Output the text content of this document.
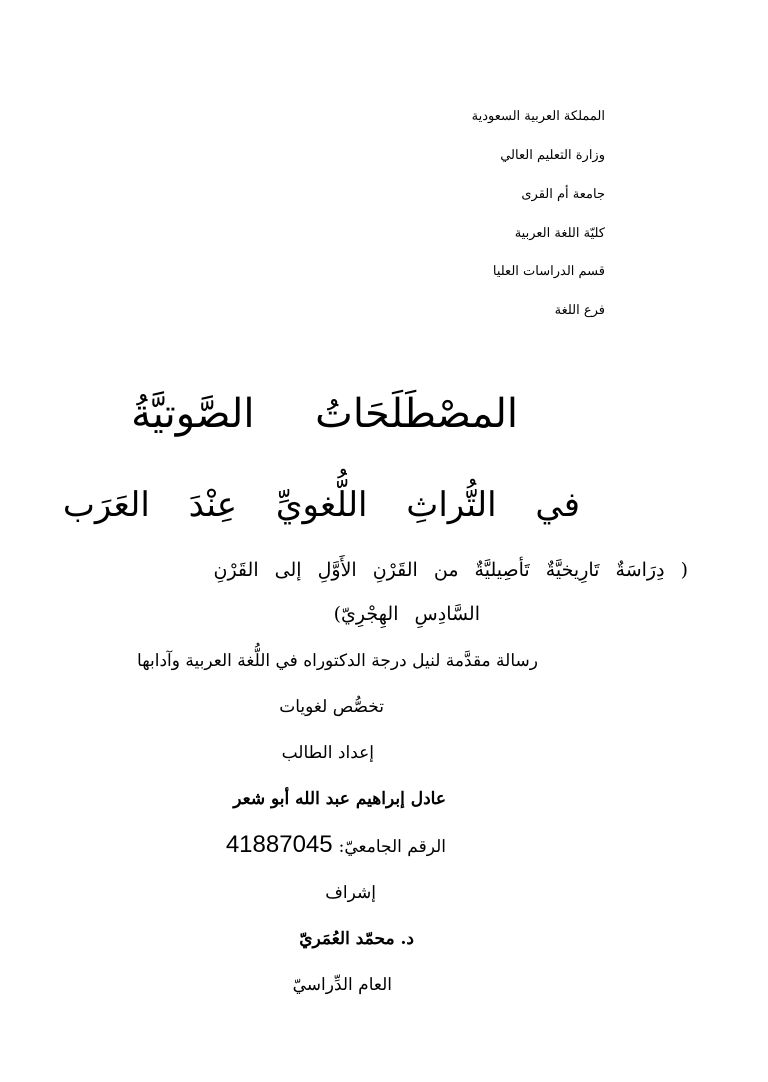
المملكة العربية السعودية
وزارة التعليم العالي
جامعة أم القرى
كليّة اللغة العربية
قسم الدراسات العليا
فرع اللغة
المصْطَلَحَاتُ الصَّوتيَّةُ
في التُّراثِ اللُّغويِّ عِنْدَ العَرَب
( دِرَاسَةٌ تَارِيخيَّةٌ تَأصِيليَّةٌ من القَرْنِ الأَوَّلِ إلى القَرْنِ
السَّادِسِ الهِجْرِيّ)
رسالة مقدَّمة لنيل درجة الدكتوراه في اللُّغة العربية وآدابها
تخصُّص لغويات
إعداد الطالب
عادل إبراهيم عبد الله أبو شعر
الرقم الجامعيّ:41887045
إشراف
د. محمّد العُمَريّ
العام الدِّراسيّ
